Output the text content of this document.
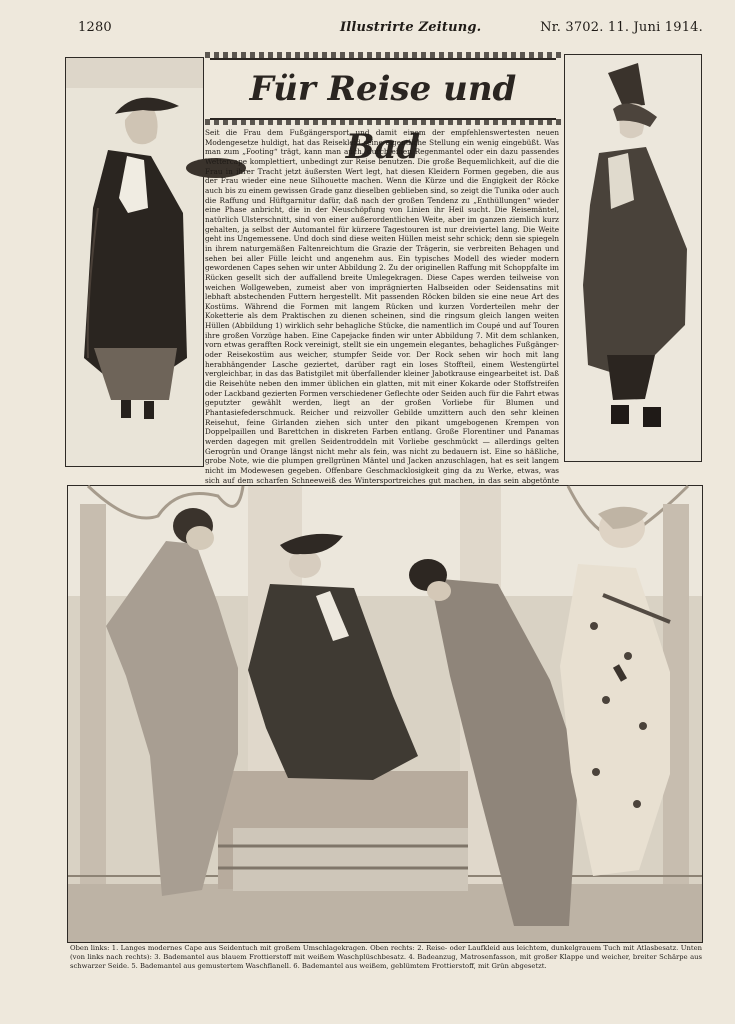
1280	Illustrirte Zeitung.	Nr. 3702. 11. Juni 1914.
Für Reise und Bad
Seit die Frau dem Fußgängersport und damit einem der empfehlenswertesten neuen Modengesetze huldigt, hat das Reisekleid seine eigentliche Stellung ein wenig eingebüßt. Was man zum „Footing“ trägt, kann man auch, durch einen Regenmantel oder ein dazu passendes Wettercape komplettiert, unbedingt zur Reise benutzen. Die große Bequemlichkeit, auf die die Frau in ihrer Tracht jetzt äußersten Wert legt, hat diesen Kleidern Formen gegeben, die aus der Frau wieder eine neue Silhouette machen. Wenn die Kürze und die Engigkeit der Röcke auch bis zu einem gewissen Grade ganz dieselben geblieben sind, so zeigt die Tunika oder auch die Raffung und Hüftgarnitur dafür, daß nach der großen Tendenz zu „Enthüllungen“ wieder eine Phase anbricht, die in der Neuschöpfung von Linien ihr Heil sucht. Die Reisemäntel, natürlich Ulsterschnitt, sind von einer außerordentlichen Weite, aber im ganzen ziemlich kurz gehalten, ja selbst der Automantel für kürzere Tagestouren ist nur dreiviertel lang. Die Weite geht ins Ungemessene. Und doch sind diese weiten Hüllen meist sehr schick; denn sie spiegeln in ihrem naturgemäßen Faltenreichtum die Grazie der Trägerin, sie verbreiten Behagen und sehen bei aller Fülle leicht und angenehm aus. Ein typisches Modell des wieder modern gewordenen Capes sehen wir unter Abbildung 2. Zu der originellen Raffung mit Schoppfalte im Rücken gesellt sich der auffallend breite Umlegekragen. Diese Capes werden teilweise von weichen Wollgeweben, zumeist aber von imprägnierten Halbseiden oder Seidensatins mit lebhaft abstechenden Futtern hergestellt. Mit passenden Röcken bilden sie eine neue Art des Kostüms. Während die Formen mit langem Rücken und kurzen Vorderteilen mehr der Koketterie als dem Praktischen zu dienen scheinen, sind die ringsum gleich langen weiten Hüllen (Abbildung 1) wirklich sehr behagliche Stücke, die namentlich im Coupé und auf Touren ihre großen Vorzüge haben. Eine Capejacke finden wir unter Abbildung 7. Mit dem schlanken, vorn etwas gerafften Rock vereinigt, stellt sie ein ungemein elegantes, behagliches Fußgänger- oder Reisekostüm aus weicher, stumpfer Seide vor. Der Rock sehen wir hoch mit lang herabhängender Lasche geziertet, darüber ragt ein loses Stoffteil, einem Westengürtel vergleichbar, in das das Batistgilet mit überfallender kleiner Jabotkrause eingearbeitet ist. Daß die Reisehüte neben den immer üblichen ein glatten, mit mit einer Kokarde oder Stoffstreifen oder Lackband gezierten Formen verschiedener Geflechte oder Seiden auch für die Fahrt etwas geputzter gewählt werden, liegt an der großen Vorliebe für Blumen und Phantasiefederschmuck. Reicher und reizvoller Gebilde umzittern auch den sehr kleinen Reisehut, feine Girlanden ziehen sich unter den pikant umgebogenen Krempen von Doppelpaillen und Barettchen in diskreten Farben entlang. Große Florentiner und Panamas werden dagegen mit grellen Seidentroddeln mit Vorliebe geschmückt — allerdings gelten Gerogrün und Orange längst nicht mehr als fein, was nicht zu bedauern ist. Eine so häßliche, grobe Note, wie die plumpen grellgrünen Mäntel und Jacken anzuschlagen, hat es seit langem nicht im Modewesen gegeben. Offenbare Geschmacklosigkeit ging da zu Werke, etwas, was sich auf dem scharfen Schneeweiß des Wintersportreiches gut machen, in das sein abgetönte
Oben links: 1. Langes modernes Cape aus Seidentuch mit großem Umschlagekragen. Oben rechts: 2. Reise- oder Laufkleid aus leichtem, dunkelgrauem Tuch mit Atlasbesatz. Unten (von links nach rechts): 3. Bademantel aus blauem Frottierstoff mit weißem Waschplüschbesatz. 4. Badeanzug, Matrosenfasson, mit großer Klappe und weicher, breiter Schärpe aus schwarzer Seide. 5. Bademantel aus gemustertem Waschflanell. 6. Bademantel aus weißem, geblümtem Frottierstoff, mit Grün abgesetzt.
